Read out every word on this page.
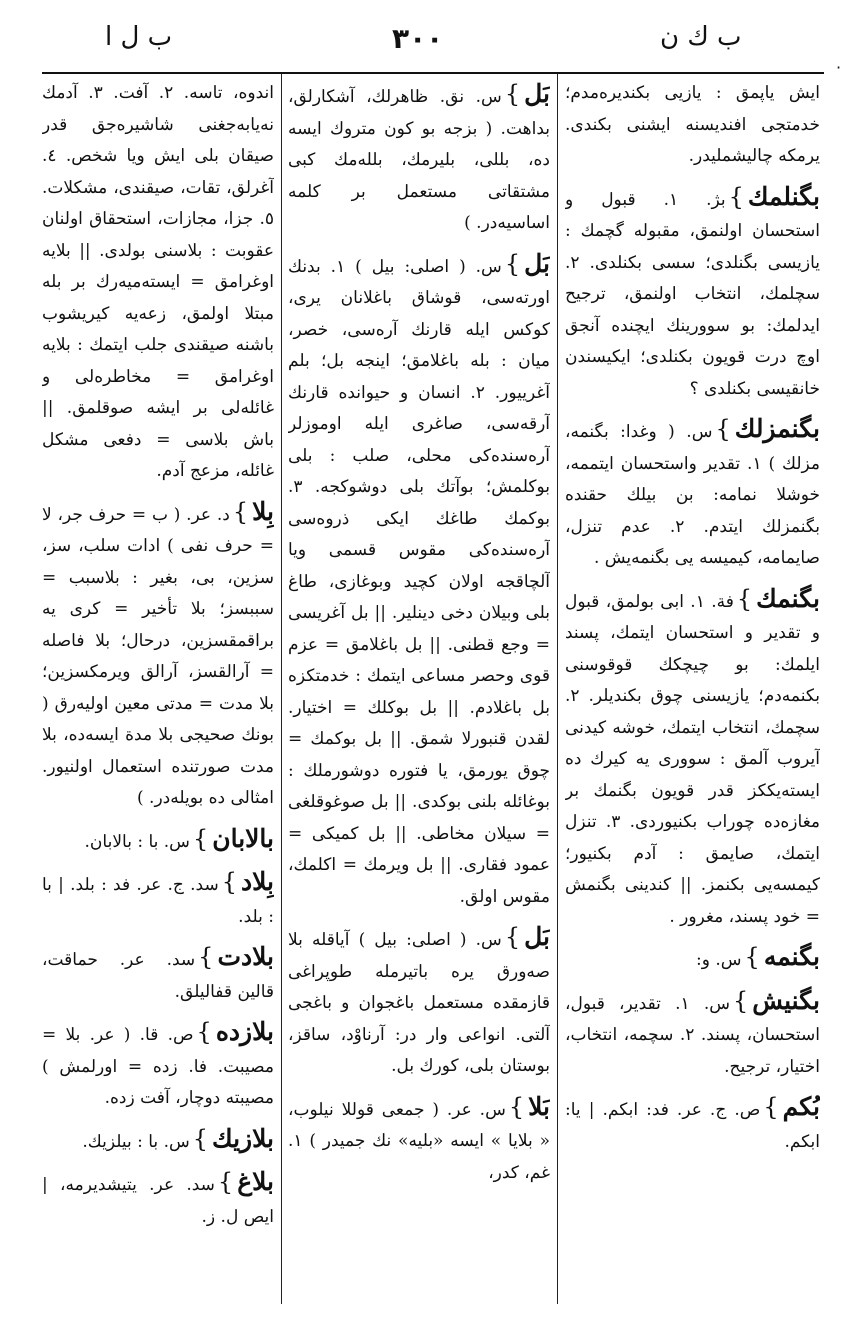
ب ل ا	٣٠٠	ب ك ن
·
ايش ياپمق : يازيى بكنديرەمدم؛ خدمتجى افنديسنە ايشنى بكندى. يرمكە چاليشمليدر.
بگنلمك}بژ. ١. قبول و استحسان اولنمق، مقبولە گچمك : يازيسى بگنلدى؛ سسى بكنلدى. ٢. سچلمك، انتخاب اولنمق، ترجيح ايدلمك: بو سوورينك ايچندە آنجق اوچ درت قويون بكنلدى؛ ايكيسندن خانقيسى بكنلدى ؟
بگنمزلك}س. ( وغدا: بگنمە، مزلك ) ١. تقدير واستحسان ايتممە، خوشلا نمامە: بن بيلك حقندە بگنمزلك ايتدم. ٢. عدم تنزل، صايمامە، كيميسە يى بگنمەيش .
بگنمك}فة. ١. ابى بولمق، قبول و تقدير و استحسان ايتمك، پسند ايلمك: بو چيچكك قوقوسنى بكنمەدم؛ يازيسنى چوق بكنديلر. ٢. سچمك، انتخاب ايتمك، خوشە كيدنى آيروب آلمق : سوورى يە كيرك دە ايستەيككز قدر قويون بگنمك بر مغازەدە چوراب بكنيوردى. ٣. تنزل ايتمك، صايمق : آدم بكنيور؛ كيمسەيى بكنمز. || كندينى بگنمش = خود پسند، مغرور .
بگنمە}س. و:
بگنيش}س. ١. تقدير، قبول، استحسان، پسند. ٢. سچمە، انتخاب، اختيار، ترجيح.
بُكم}ص. ج. عر. فد: ابكم. | يا: ابكم.
بَل}س. نق. ظاهرلك، آشكارلق، بداهت. ( بزجە بو كون متروك ايسە دە، بللى، بليرمك، بللەمك كبى مشتقاتى مستعمل بر كلمە اساسيەدر. )
بَل}س. ( اصلى: بيل ) ١. بدنك اورتەسى، قوشاق باغلانان يرى، كوكس ايلە قارنك آرەسى، خصر، ميان : بلە باغلامق؛ اينجە بل؛ بلم آغرييور. ٢. انسان و حيواندە قارنك آرقەسى، صاغرى ايلە اوموزلر آرەسندەكى محلى، صلب : بلى بوكلمش؛ بوآتك بلى دوشوكجە. ٣. بوكمك طاغك ايكى ذروەسى آرەسندەكى مقوس قسمى ويا آلچاقجە اولان كچيد وبوغازى، طاغ بلى وبيلان دخى دينلير. || بل آغريسى = وجع قطنى. || بل باغلامق = عزم قوى وحصر مساعى ايتمك : خدمتكزە بل باغلادم. || بل بوكلك = اختيار. لقدن قنبورلا شمق. || بل بوكمك = چوق يورمق، يا فتورە دوشورملك : بوغائلە بلنى بوكدى. || بل صوغوقلغى = سيلان مخاطى. || بل كميكى = عمود فقارى. || بل ويرمك = اكلمك، مقوس اولق.
بَل}س. ( اصلى: بيل ) آياقلە بلا صەورق يرە باتيرملە طوپراغى قازمقدە مستعمل باغجوان و باغجى آلتى. انواعى وار در: آرناوْد، ساقز، بوستان بلى، كورك بل.
بَلا}س. عر. ( جمعى قوللا نيلوب، « بلايا » ايسە «بليه» نك جميدر ) ١. غم، كدر،
اندوه، تاسە. ٢. آفت. ٣. آدمك نەيابەجغنى شاشيرەجق قدر صيقان بلى ايش ويا شخص. ٤. آغرلق، تقات، صيقندى، مشكلات. ٥. جزا، مجازات، استحقاق اولنان عقوبت : بلاسنى بولدى. || بلايە اوغرامق = ايستەميەرك بر بلە مبتلا اولمق، زعەيە كيريشوب باشنە صيقندى جلب ايتمك : بلايە اوغرامق = مخاطرەلى و غائلەلى بر ايشە صوقلمق. || باش بلاسى = دفعى مشكل غائلە، مزعج آدم.
بِلا}د. عر. ( ب = حرف جر، لا = حرف نفى ) ادات سلب، سز، سزين، بى، بغير : بلاسبب = سببسز؛ بلا تأخير = كرى يە براقمقسزين، درحال؛ بلا فاصلە = آرالقسز، آرالق ويرمكسزين؛ بلا مدت = مدتى معين اوليەرق ( بونك صحيجى بلا مدة ايسەدە، بلا مدت صورتندە استعمال اولنيور. امثالى دە بويلەدر. )
بالابان}س. با : بالابان.
بِلاد}سد. ج. عر. فد : بلد. | با : بلد.
بلادت}سد. عر. حماقت، قالين قفاليلق.
بلازدە}ص. قا. ( عر. بلا = مصيبت. فا. زدە = اورلمش ) مصيبتە دوچار، آفت زدە.
بلازيك}س. با : بيلزيك.
بلاغ}سد. عر. يتيشديرمە، | ايص ل. ز.
